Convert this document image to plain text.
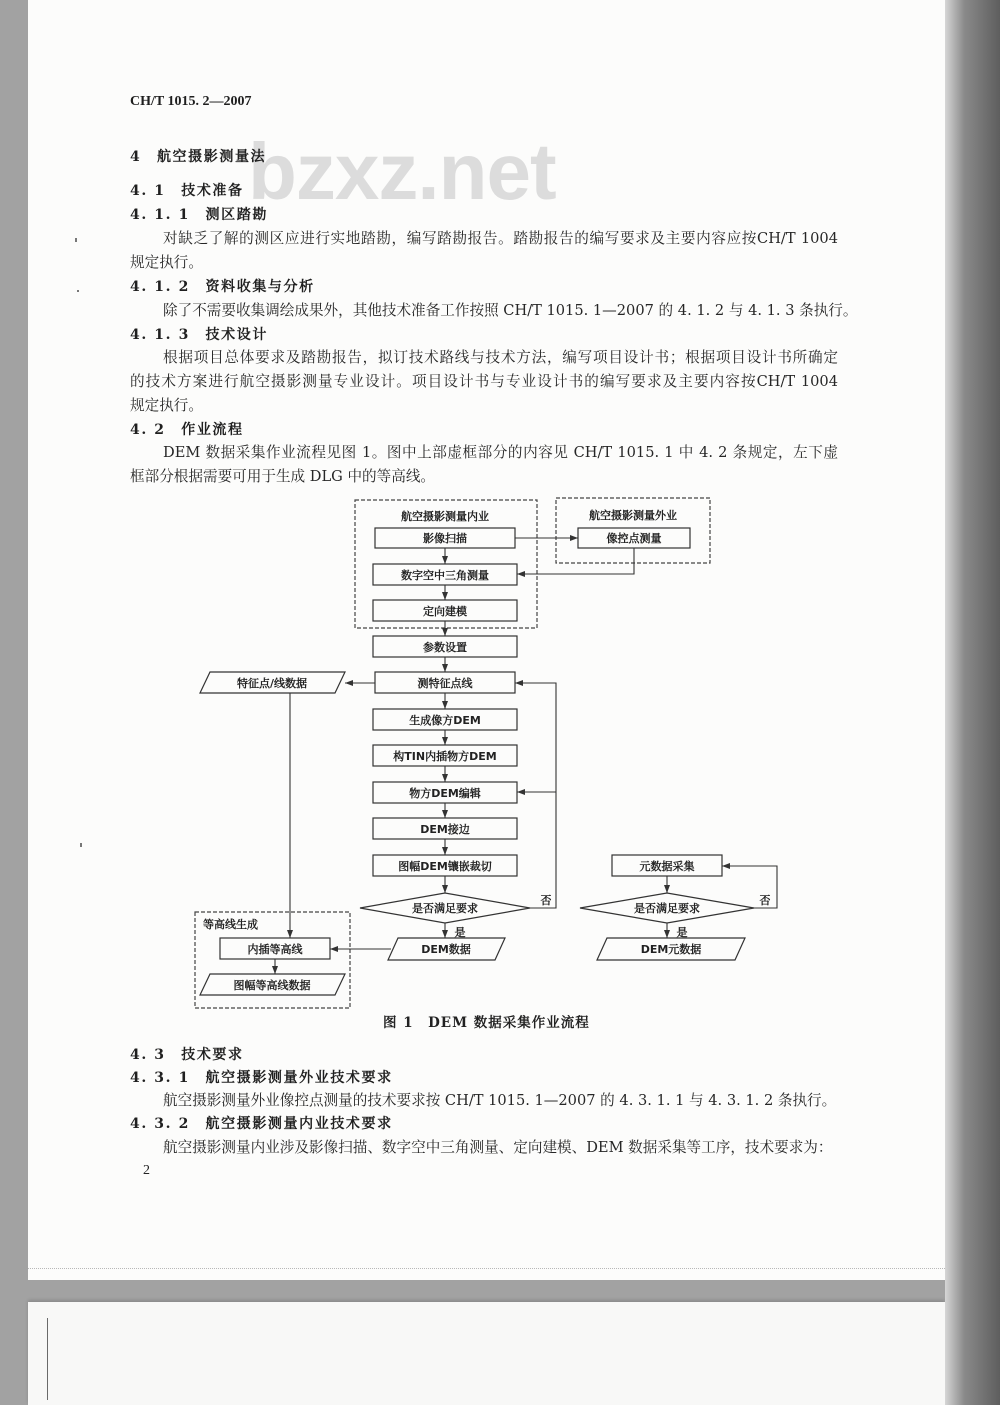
bzxz.net
CH/T 1015. 2—2007
4　航空摄影测量法
4. 1　技术准备
4. 1. 1　测区踏勘
对缺乏了解的测区应进行实地踏勘，编写踏勘报告。踏勘报告的编写要求及主要内容应按CH/T 1004
规定执行。
4. 1. 2　资料收集与分析
除了不需要收集调绘成果外，其他技术准备工作按照 CH/T 1015. 1—2007 的 4. 1. 2 与 4. 1. 3 条执行。
4. 1. 3　技术设计
根据项目总体要求及踏勘报告，拟订技术路线与技术方法，编写项目设计书；根据项目设计书所确定
的技术方案进行航空摄影测量专业设计。项目设计书与专业设计书的编写要求及主要内容按CH/T 1004
规定执行。
4. 2　作业流程
DEM 数据采集作业流程见图 1。图中上部虚框部分的内容见 CH/T 1015. 1 中 4. 2 条规定，左下虚
框部分根据需要可用于生成 DLG 中的等高线。
航空摄影测量内业	航空摄影测量外业
等高线生成
影像扫描	像控点测量
数字空中三角测量
定向建模
参数设置
测特征点线
特征点/线数据
生成像方DEM
构TIN内插物方DEM
物方DEM编辑
DEM接边
图幅DEM镶嵌裁切
是否满足要求
DEM数据
内插等高线
图幅等高线数据
元数据采集
是否满足要求
DEM元数据
否
是
否
是
图 1　DEM 数据采集作业流程
4. 3　技术要求
4. 3. 1　航空摄影测量外业技术要求
航空摄影测量外业像控点测量的技术要求按 CH/T 1015. 1—2007 的 4. 3. 1. 1 与 4. 3. 1. 2 条执行。
4. 3. 2　航空摄影测量内业技术要求
航空摄影测量内业涉及影像扫描、数字空中三角测量、定向建模、DEM 数据采集等工序，技术要求为：
2
